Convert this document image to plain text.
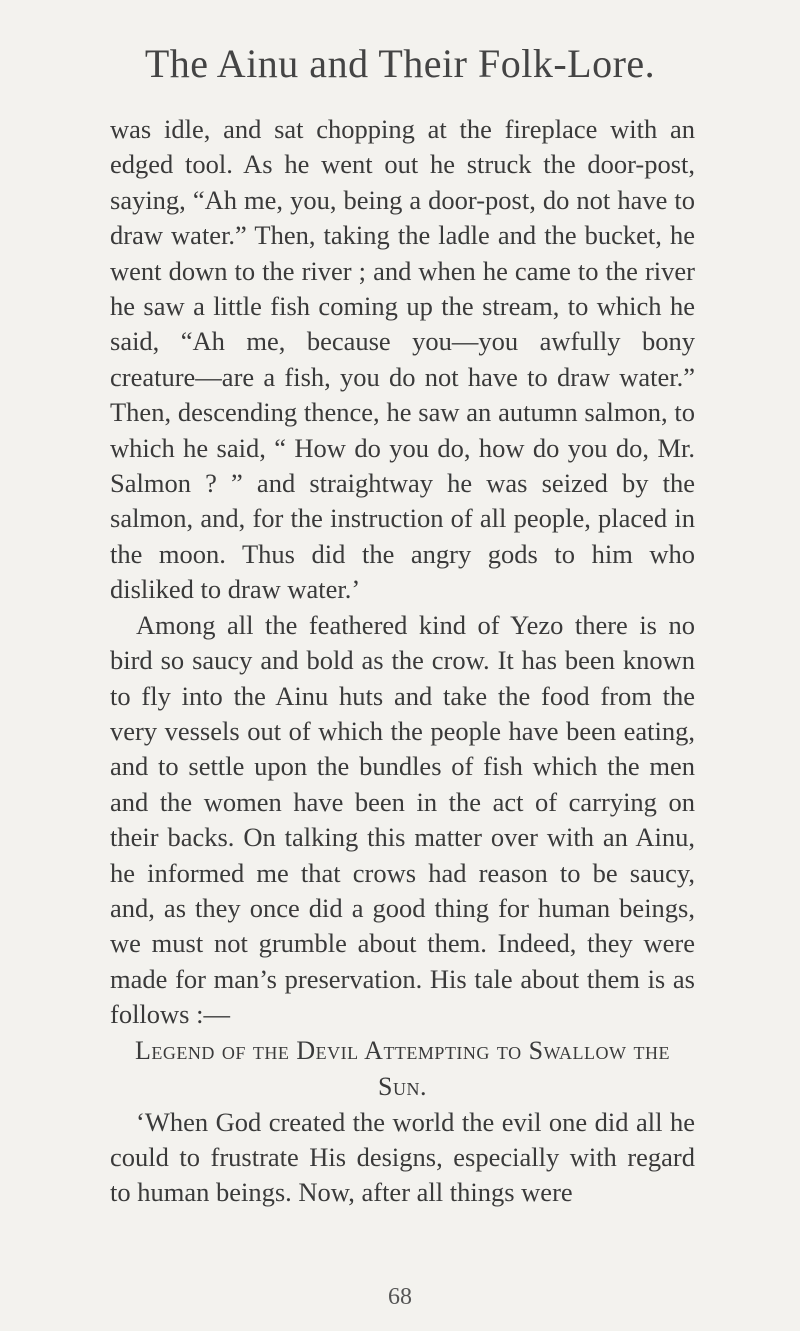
The Ainu and Their Folk-Lore.

was idle, and sat chopping at the fireplace with an edged tool. As he went out he struck the door-post, saying, “Ah me, you, being a door-post, do not have to draw water.” Then, taking the ladle and the bucket, he went down to the river ; and when he came to the river he saw a little fish coming up the stream, to which he said, “Ah me, because you—you awfully bony creature—are a fish, you do not have to draw water.” Then, descending thence, he saw an autumn salmon, to which he said, “ How do you do, how do you do, Mr. Salmon ? ” and straightway he was seized by the salmon, and, for the instruction of all people, placed in the moon. Thus did the angry gods to him who disliked to draw water.’

Among all the feathered kind of Yezo there is no bird so saucy and bold as the crow. It has been known to fly into the Ainu huts and take the food from the very vessels out of which the people have been eating, and to settle upon the bundles of fish which the men and the women have been in the act of carrying on their backs. On talking this matter over with an Ainu, he informed me that crows had reason to be saucy, and, as they once did a good thing for human beings, we must not grumble about them. Indeed, they were made for man’s preservation. His tale about them is as follows :—

Legend of the Devil Attempting to Swallow the Sun.

‘When God created the world the evil one did all he could to frustrate His designs, especially with regard to human beings. Now, after all things were

68
